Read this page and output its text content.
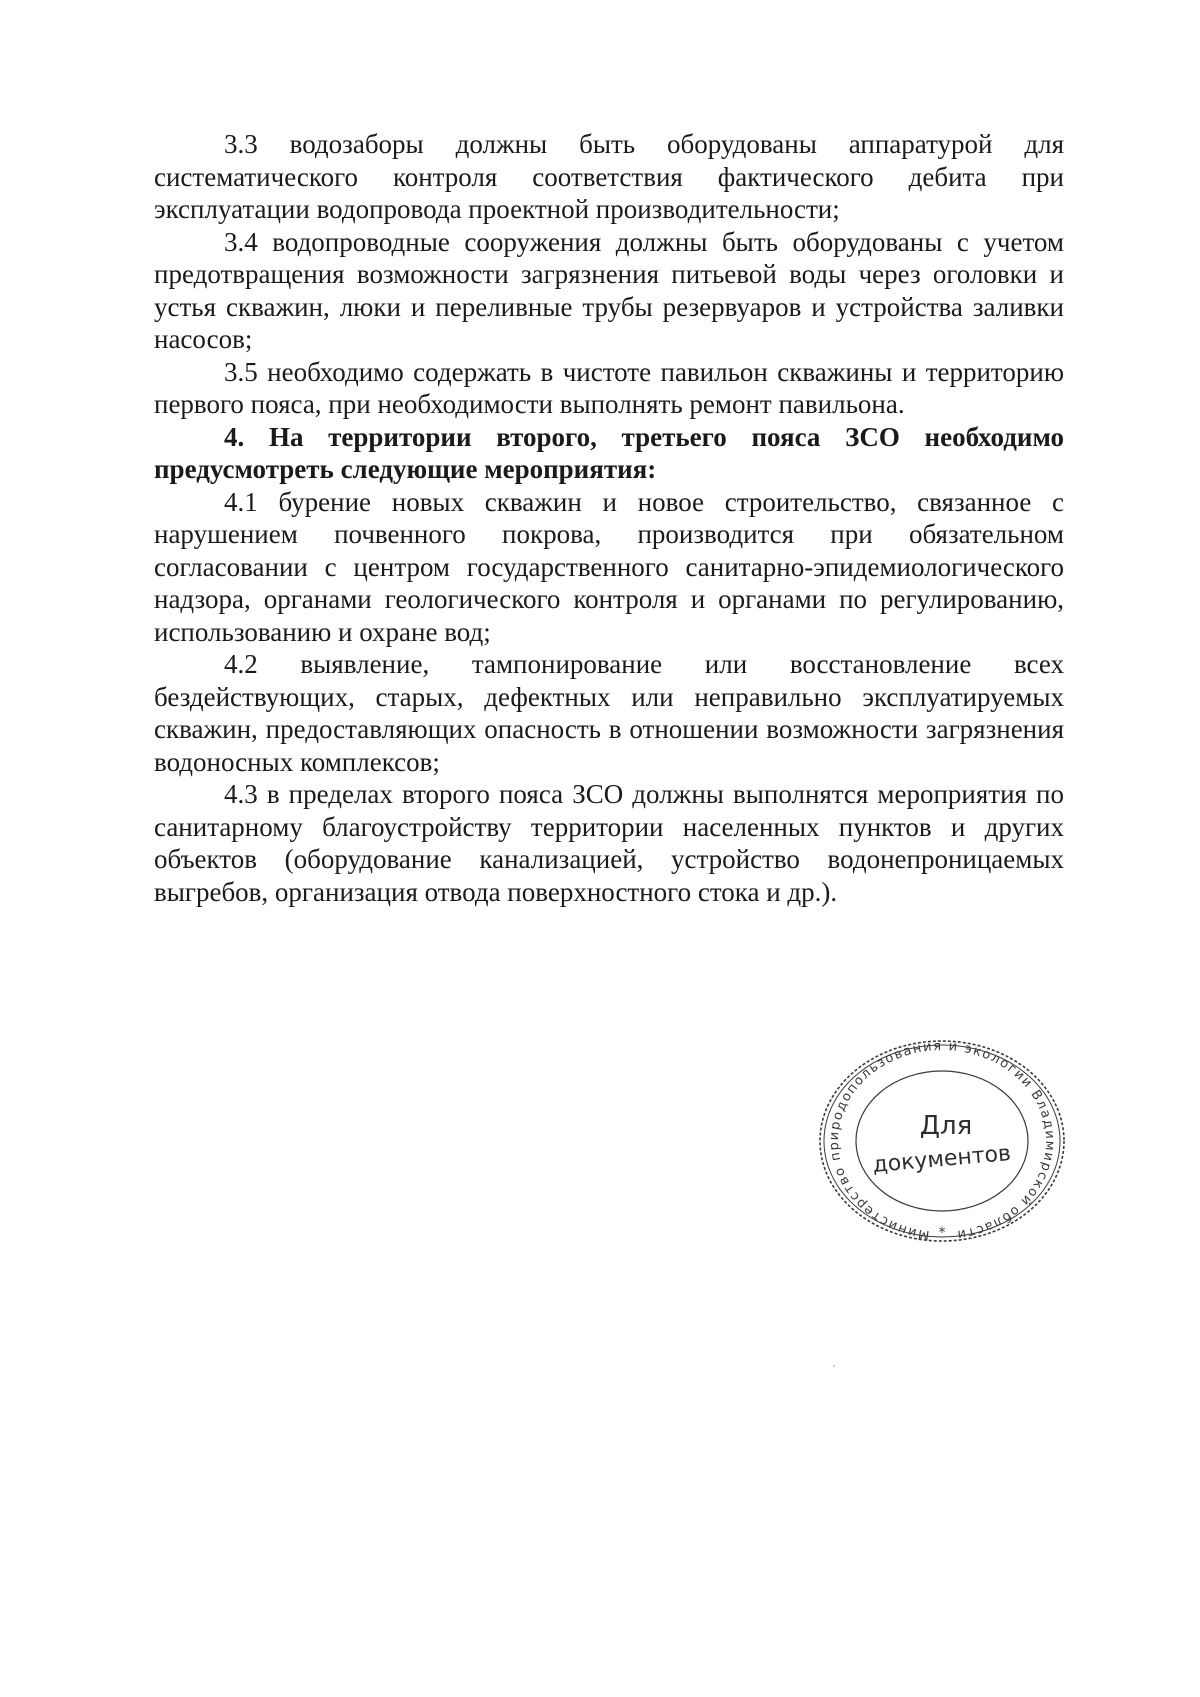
3.3 водозаборы должны быть оборудованы аппаратурой для систематического контроля соответствия фактического дебита при эксплуатации водопровода проектной производительности;

3.4 водопроводные сооружения должны быть оборудованы с учетом предотвращения возможности загрязнения питьевой воды через оголовки и устья скважин, люки и переливные трубы резервуаров и устройства заливки насосов;

3.5 необходимо содержать в чистоте павильон скважины и территорию первого пояса, при необходимости выполнять ремонт павильона.

4. На территории второго, третьего пояса ЗСО необходимо предусмотреть следующие мероприятия:

4.1 бурение новых скважин и новое строительство, связанное с нарушением почвенного покрова, производится при обязательном согласовании с центром государственного санитарно-эпидемиологического надзора, органами геологического контроля и органами по регулированию, использованию и охране вод;

4.2 выявление, тампонирование или восстановление всех бездействующих, старых, дефектных или неправильно эксплуатируемых скважин, предоставляющих опасность в отношении возможности загрязнения водоносных комплексов;

4.3 в пределах второго пояса ЗСО должны выполнятся мероприятия по санитарному благоустройству территории населенных пунктов и других объектов (оборудование канализацией, устройство водонепроницаемых выгребов, организация отвода поверхностного стока и др.).

Министерство природопользования и экологии Владимирской области
*
Для
документов
